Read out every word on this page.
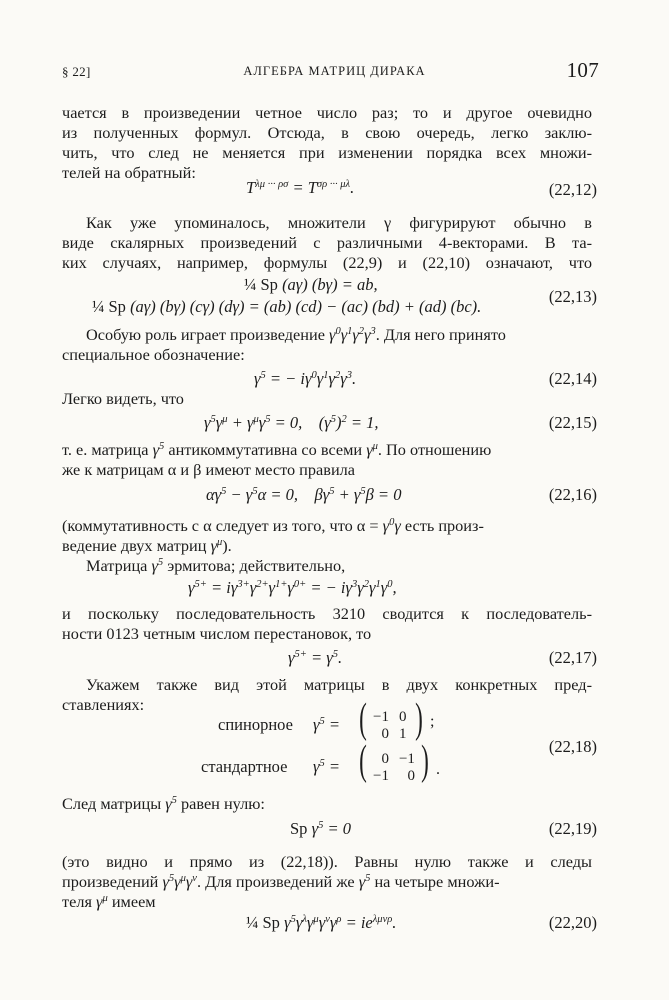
§ 22]	АЛГЕБРА МАТРИЦ ДИРАКА	107
чается в произведении четное число раз; то и другое очевидно
из полученных формул. Отсюда, в свою очередь, легко заклю-
чить, что след не меняется при изменении порядка всех множи-
телей на обратный:
$T^{\lambda\mu \cdot\cdot\cdot \rho\sigma} = T^{\sigma\rho \cdot\cdot\cdot \mu\lambda}$.	(22,12)
Как уже упоминалось, множители γ фигурируют обычно в
виде скалярных произведений с различными 4-векторами. В та-
ких случаях, например, формулы (22,9) и (22,10) означают, что
¼ Sp (aγ) (bγ) = ab,
¼ Sp (aγ) (bγ) (cγ) (dγ) = (ab) (cd) − (ac) (bd) + (ad) (bc).
(22,13)
Особую роль играет произведение $\gamma^0\gamma^1\gamma^2\gamma^3$. Для него принято
специальное обозначение:
$\gamma^5$ = − $i\gamma^0\gamma^1\gamma^2\gamma^3$.	(22,14)
Легко видеть, что
$\gamma^5\gamma^\mu + \gamma^\mu\gamma^5 = 0$,    $(\gamma^5)^2 = 1$,	(22,15)
т. е. матрица $\gamma^5$ антикоммутативна со всеми $\gamma^\mu$. По отношению
же к матрицам α и β имеют место правила
$\alpha\gamma^5 - \gamma^5\alpha = 0$,    $\beta\gamma^5 + \gamma^5\beta = 0$	(22,16)
(коммутативность с α следует из того, что $\alpha = \gamma^0\gamma$ есть произ-
ведение двух матриц $\gamma^\mu$).
Матрица $\gamma^5$ эрмитова; действительно,
$\gamma^{5+} = i\gamma^{3+}\gamma^{2+}\gamma^{1+}\gamma^{0+}$ = − $i\gamma^3\gamma^2\gamma^1\gamma^0$,
и поскольку последовательность 3210 сводится к последователь-
ности 0123 четным числом перестановок, то
$\gamma^{5+} = \gamma^5$.	(22,17)
Укажем также вид этой матрицы в двух конкретных пред-
ставлениях:
спинорное $\gamma^5$ = ( −1	0
0	1 ) ;
стандартное $\gamma^5$ = ( 0	−1
−1	0 ) .
(22,18)
След матрицы $\gamma^5$ равен нулю:
Sp $\gamma^5 = 0$	(22,19)
(это видно и прямо из (22,18)). Равны нулю также и следы
произведений $\gamma^5\gamma^\mu\gamma^\nu$. Для произведений же $\gamma^5$ на четыре множи-
теля $\gamma^\mu$ имеем
¼ Sp $\gamma^5\gamma^\lambda\gamma^\mu\gamma^\nu\gamma^\rho = ie^{\lambda\mu\nu\rho}$.	(22,20)
